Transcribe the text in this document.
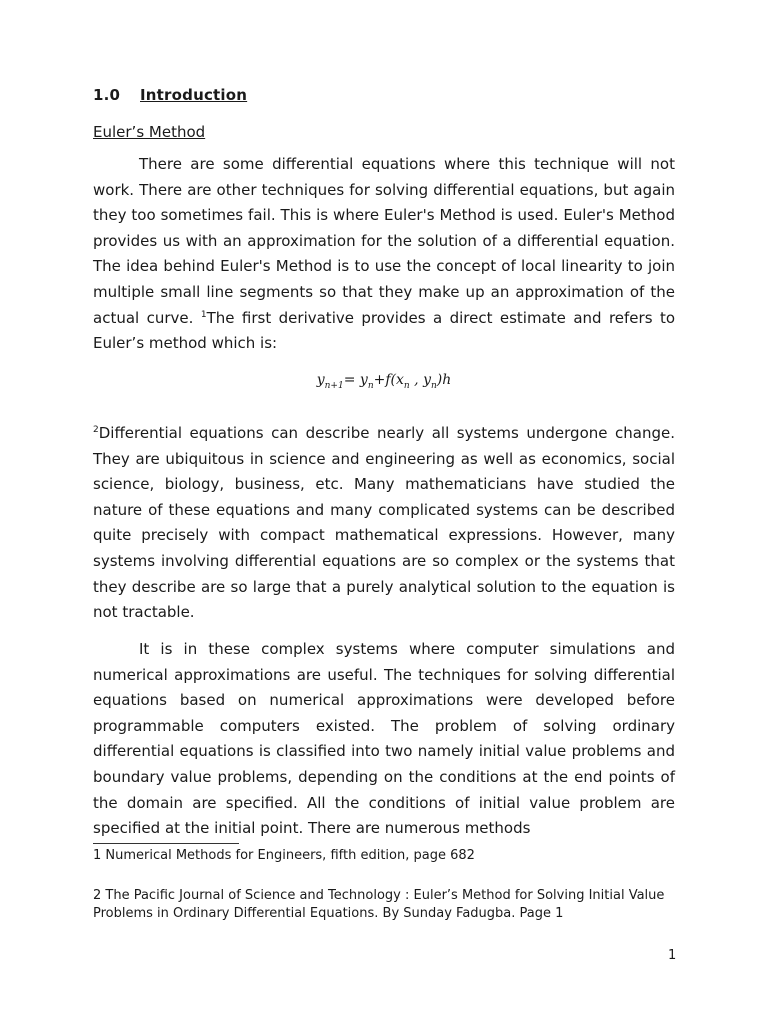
1.0 Introduction
Euler’s Method

There are some differential equations where this technique will not work. There are other techniques for solving differential equations, but again they too sometimes fail. This is where Euler's Method is used. Euler's Method provides us with an approximation for the solution of a differential equation. The idea behind Euler's Method is to use the concept of local linearity to join multiple small line segments so that they make up an approximation of the actual curve. $^1$The first derivative provides a direct estimate and refers to Euler’s method which is:

$y_{n+1}= y_n+f(x_n$ , $y_n)h$

$^2$Differential equations can describe nearly all systems undergone change. They are ubiquitous in science and engineering as well as economics, social science, biology, business, etc. Many mathematicians have studied the nature of these equations and many complicated systems can be described quite precisely with compact mathematical expressions. However, many systems involving differential equations are so complex or the systems that they describe are so large that a purely analytical solution to the equation is not tractable.

It is in these complex systems where computer simulations and numerical approximations are useful. The techniques for solving differential equations based on numerical approximations were developed before programmable computers existed. The problem of solving ordinary differential equations is classified into two namely initial value problems and boundary value problems, depending on the conditions at the end points of the domain are specified. All the conditions of initial value problem are specified at the initial point. There are numerous methods

1 Numerical Methods for Engineers, fifth edition, page 682

2 The Pacific Journal of Science and Technology : Euler’s Method for Solving Initial Value Problems in Ordinary Differential Equations. By Sunday Fadugba. Page 1

1
